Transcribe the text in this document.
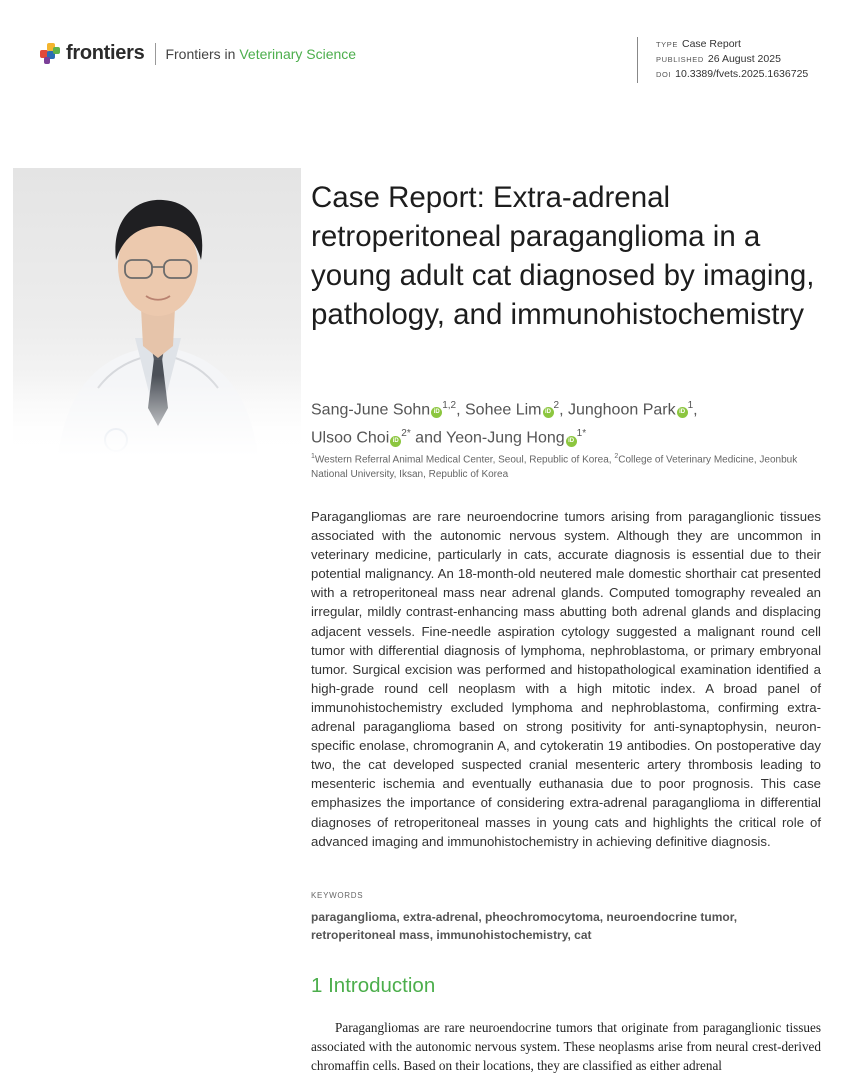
frontiers Frontiers in Veterinary Science
TYPE Case Report
PUBLISHED 26 August 2025
DOI 10.3389/fvets.2025.1636725
Case Report: Extra-adrenal retroperitoneal paraganglioma in a young adult cat diagnosed by imaging, pathology, and immunohistochemistry
Sang-June Sohn iD$^{1,2}$, Sohee Lim $iD^2$, Junghoon Park $iD^1$,
Ulsoo Choi $iD^{2*}$ and Yeon-Jung Hong $iD^{1*}$
$^1$Western Referral Animal Medical Center, Seoul, Republic of Korea, $^2$College of Veterinary Medicine, Jeonbuk National University, Iksan, Republic of Korea

Paragangliomas are rare neuroendocrine tumors arising from paraganglionic tissues associated with the autonomic nervous system. Although they are uncommon in veterinary medicine, particularly in cats, accurate diagnosis is essential due to their potential malignancy. An 18-month-old neutered male domestic shorthair cat presented with a retroperitoneal mass near adrenal glands. Computed tomography revealed an irregular, mildly contrast-enhancing mass abutting both adrenal glands and displacing adjacent vessels. Fine-needle aspiration cytology suggested a malignant round cell tumor with differential diagnosis of lymphoma, nephroblastoma, or primary embryonal tumor. Surgical excision was performed and histopathological examination identified a high-grade round cell neoplasm with a high mitotic index. A broad panel of immunohistochemistry excluded lymphoma and nephroblastoma, confirming extra-adrenal paraganglioma based on strong positivity for anti-synaptophysin, neuron-specific enolase, chromogranin A, and cytokeratin 19 antibodies. On postoperative day two, the cat developed suspected cranial mesenteric artery thrombosis leading to mesenteric ischemia and eventually euthanasia due to poor prognosis. This case emphasizes the importance of considering extra-adrenal paraganglioma in differential diagnoses of retroperitoneal masses in young cats and highlights the critical role of advanced imaging and immunohistochemistry in achieving definitive diagnosis.

KEYWORDS
paraganglioma, extra-adrenal, pheochromocytoma, neuroendocrine tumor, retroperitoneal mass, immunohistochemistry, cat
1 Introduction

Paragangliomas are rare neuroendocrine tumors that originate from paraganglionic tissues associated with the autonomic nervous system. These neoplasms arise from neural crest-derived chromaffin cells. Based on their locations, they are classified as either adrenal
